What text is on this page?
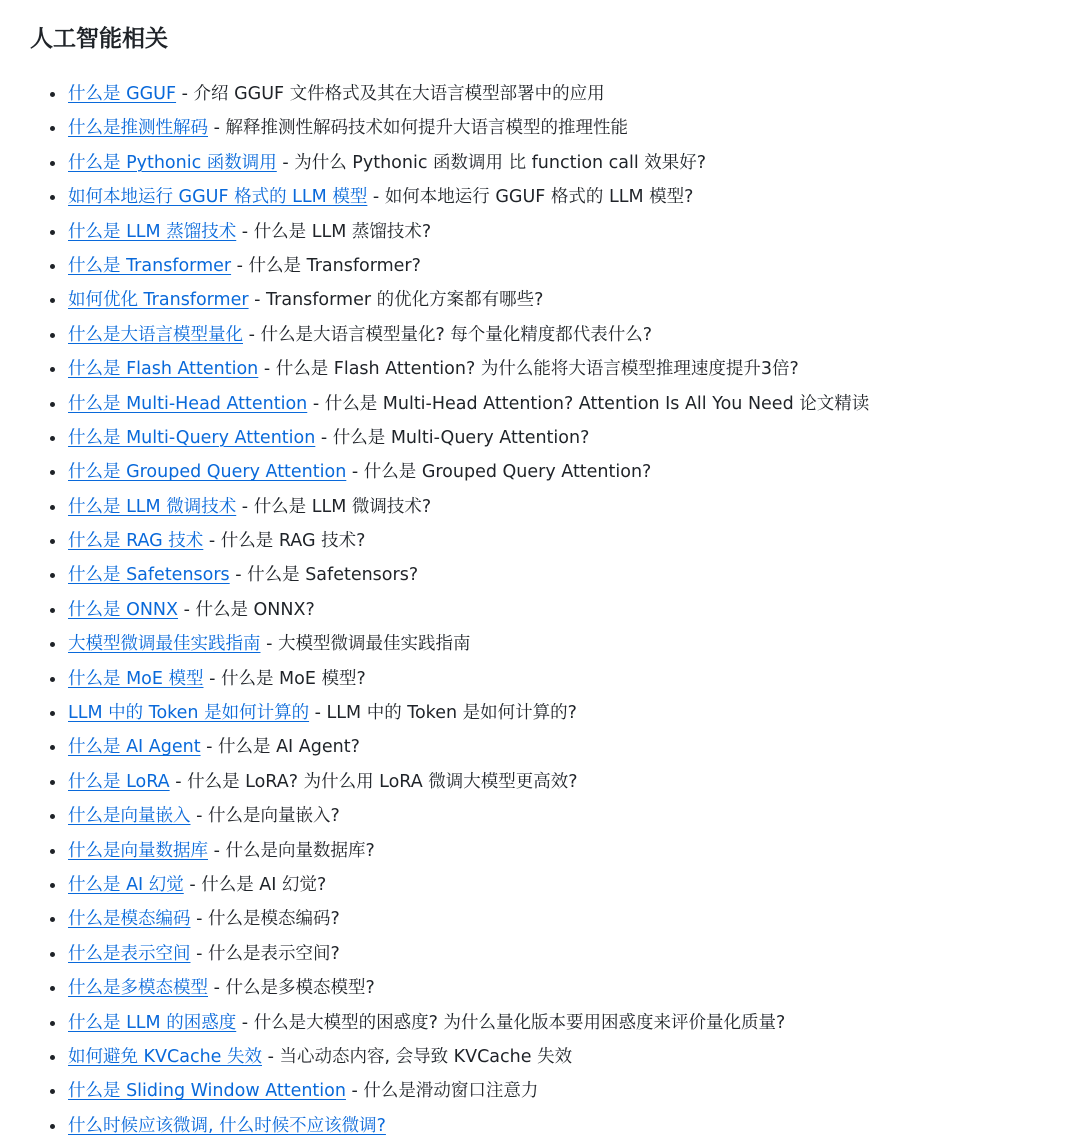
人工智能相关
什么是 GGUF - 介绍 GGUF 文件格式及其在大语言模型部署中的应用
什么是推测性解码 - 解释推测性解码技术如何提升大语言模型的推理性能
什么是 Pythonic 函数调用 - 为什么 Pythonic 函数调用 比 function call 效果好?
如何本地运行 GGUF 格式的 LLM 模型 - 如何本地运行 GGUF 格式的 LLM 模型?
什么是 LLM 蒸馏技术 - 什么是 LLM 蒸馏技术?
什么是 Transformer - 什么是 Transformer?
如何优化 Transformer - Transformer 的优化方案都有哪些?
什么是大语言模型量化 - 什么是大语言模型量化? 每个量化精度都代表什么?
什么是 Flash Attention - 什么是 Flash Attention? 为什么能将大语言模型推理速度提升3倍?
什么是 Multi-Head Attention - 什么是 Multi-Head Attention? Attention Is All You Need 论文精读
什么是 Multi-Query Attention - 什么是 Multi-Query Attention?
什么是 Grouped Query Attention - 什么是 Grouped Query Attention?
什么是 LLM 微调技术 - 什么是 LLM 微调技术?
什么是 RAG 技术 - 什么是 RAG 技术?
什么是 Safetensors - 什么是 Safetensors?
什么是 ONNX - 什么是 ONNX?
大模型微调最佳实践指南 - 大模型微调最佳实践指南
什么是 MoE 模型 - 什么是 MoE 模型?
LLM 中的 Token 是如何计算的 - LLM 中的 Token 是如何计算的?
什么是 AI Agent - 什么是 AI Agent?
什么是 LoRA - 什么是 LoRA? 为什么用 LoRA 微调大模型更高效?
什么是向量嵌入 - 什么是向量嵌入?
什么是向量数据库 - 什么是向量数据库?
什么是 AI 幻觉 - 什么是 AI 幻觉?
什么是模态编码 - 什么是模态编码?
什么是表示空间 - 什么是表示空间?
什么是多模态模型 - 什么是多模态模型?
什么是 LLM 的困惑度 - 什么是大模型的困惑度? 为什么量化版本要用困惑度来评价量化质量?
如何避免 KVCache 失效 - 当心动态内容, 会导致 KVCache 失效
什么是 Sliding Window Attention - 什么是滑动窗口注意力
什么时候应该微调, 什么时候不应该微调?
